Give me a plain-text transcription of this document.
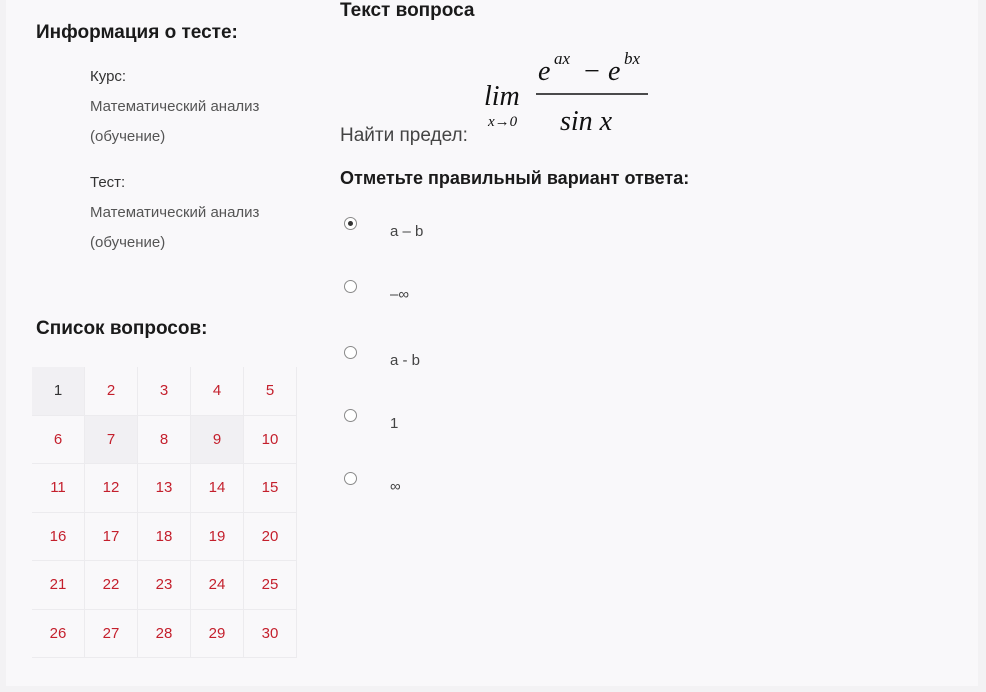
Информация о тесте:
Курс:
Математический анализ
(обучение)
Тест:
Математический анализ
(обучение)
Список вопросов:
1	2	3	4	5
6	7	8	9	10
11	12	13	14	15
16	17	18	19	20
21	22	23	24	25
26	27	28	29	30
Текст вопроса
lim
x→0
e ax − e bx
sin x
Найти предел:
Отметьте правильный вариант ответа:
a – b
–∞
a - b
1
∞
